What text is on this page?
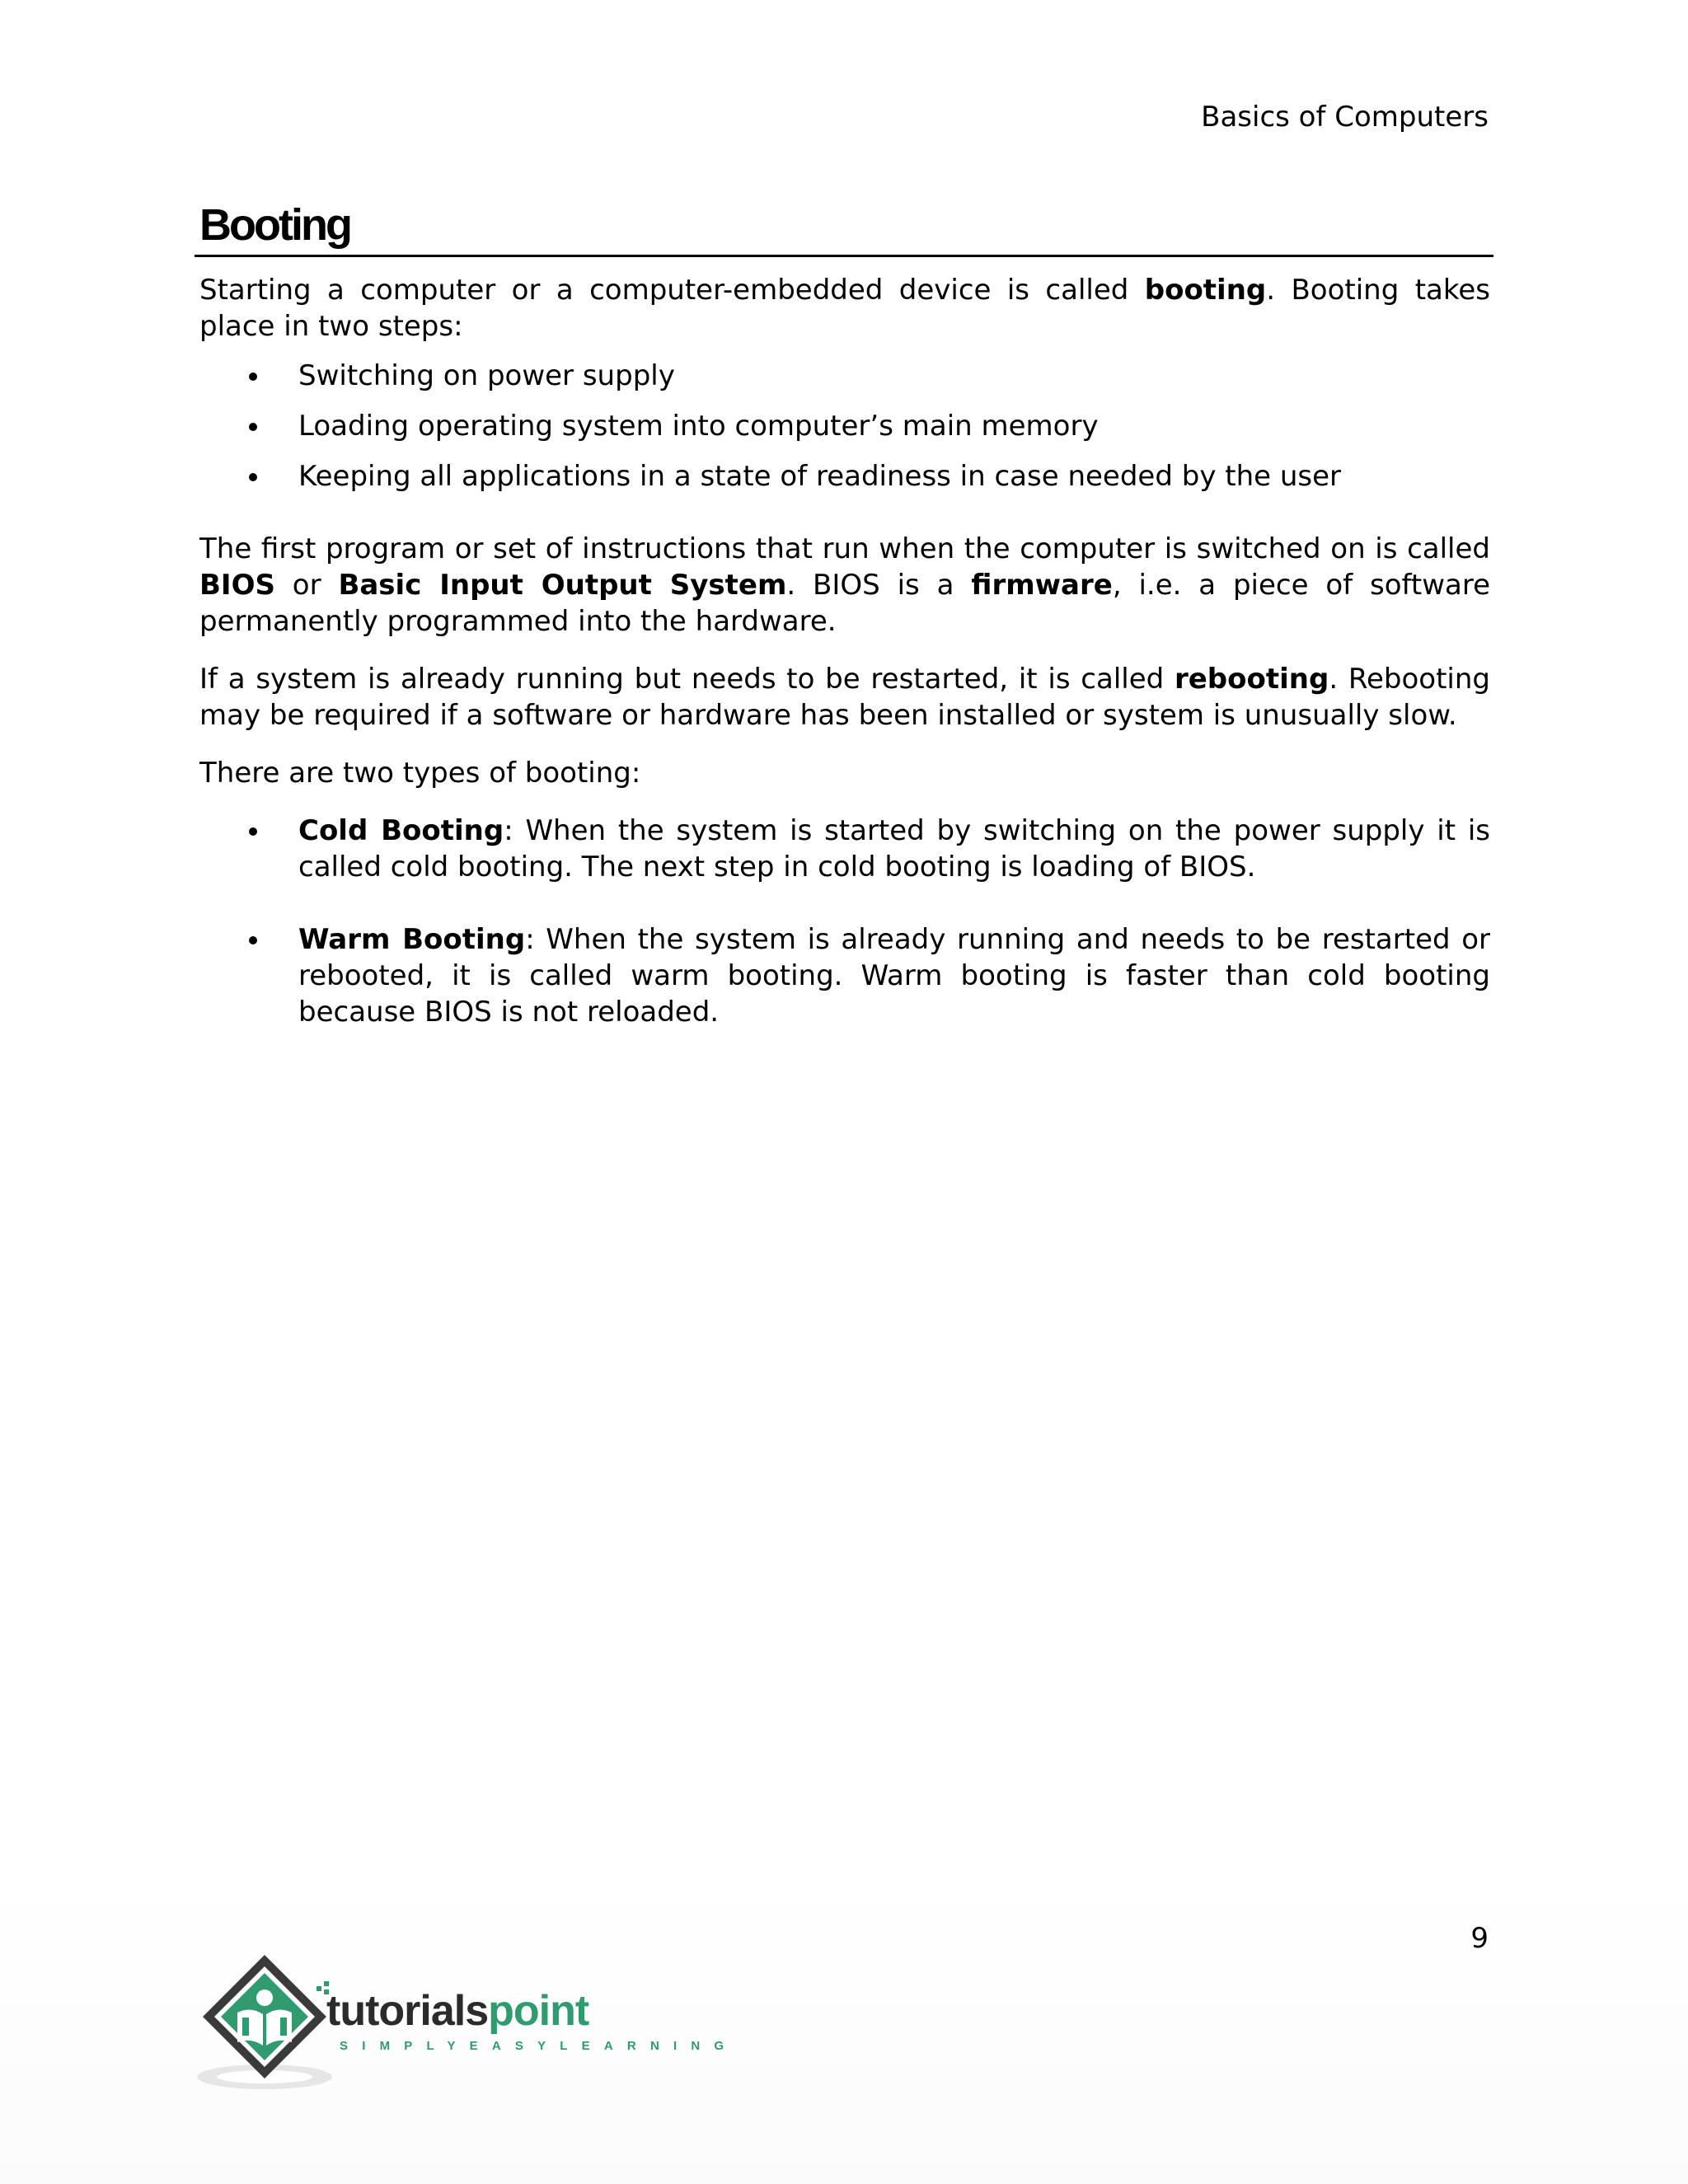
Basics of Computers
Booting

Starting a computer or a computer-embedded device is called booting. Booting takes place in two steps:

Switching on power supply
Loading operating system into computer’s main memory
Keeping all applications in a state of readiness in case needed by the user

The first program or set of instructions that run when the computer is switched on is called BIOS or Basic Input Output System. BIOS is a firmware, i.e. a piece of software permanently programmed into the hardware.

If a system is already running but needs to be restarted, it is called rebooting. Rebooting may be required if a software or hardware has been installed or system is unusually slow.

There are two types of booting:

Cold Booting: When the system is started by switching on the power supply it is called cold booting. The next step in cold booting is loading of BIOS.
Warm Booting: When the system is already running and needs to be restarted or rebooted, it is called warm booting. Warm booting is faster than cold booting because BIOS is not reloaded.
9
tutorialspoint
SIMPLYEASYLEARNING
